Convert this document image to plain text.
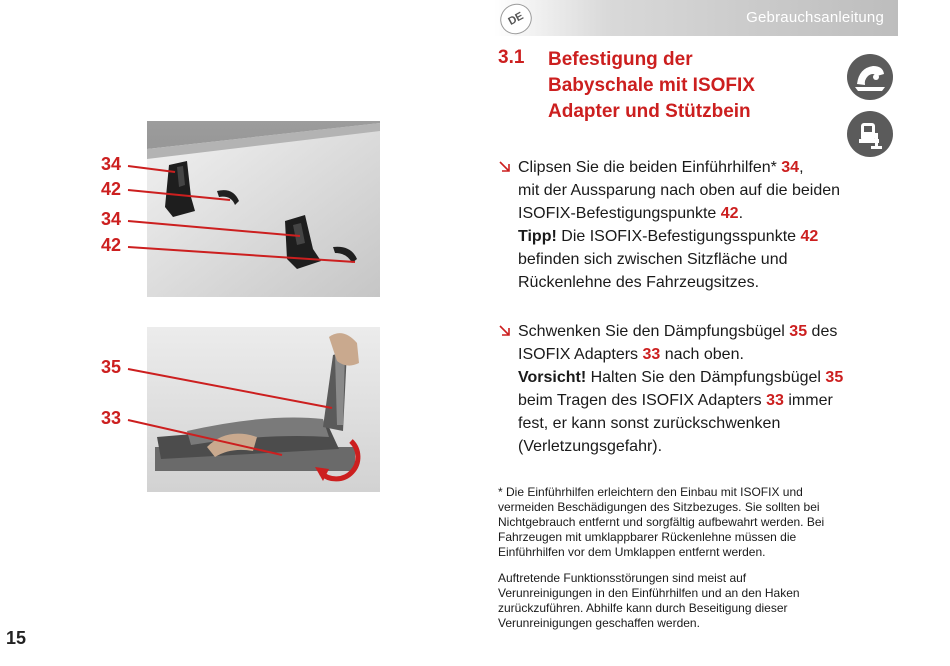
Gebrauchsanleitung
DE
3.1 Befestigung der
Babyschale mit ISOFIX
Adapter und Stützbein
34
42
34
42
35
33
Clipsen Sie die beiden Einführhilfen* 34,
mit der Aussparung nach oben auf die beiden
ISOFIX-Befestigungspunkte 42.
Tipp! Die ISOFIX-Befestigungsspunkte 42
befinden sich zwischen Sitzfläche und
Rückenlehne des Fahrzeugsitzes.
Schwenken Sie den Dämpfungsbügel 35 des
ISOFIX Adapters 33 nach oben.
Vorsicht! Halten Sie den Dämpfungsbügel 35
beim Tragen des ISOFIX Adapters 33 immer
fest, er kann sonst zurückschwenken
(Verletzungsgefahr).
* Die Einführhilfen erleichtern den Einbau mit ISOFIX und
vermeiden Beschädigungen des Sitzbezuges. Sie sollten bei
Nichtgebrauch entfernt und sorgfältig aufbewahrt werden. Bei
Fahrzeugen mit umklappbarer Rückenlehne müssen die
Einführhilfen vor dem Umklappen entfernt werden.
Auftretende Funktionsstörungen sind meist auf
Verunreinigungen in den Einführhilfen und an den Haken
zurückzuführen. Abhilfe kann durch Beseitigung dieser
Verunreinigungen geschaffen werden.
15
